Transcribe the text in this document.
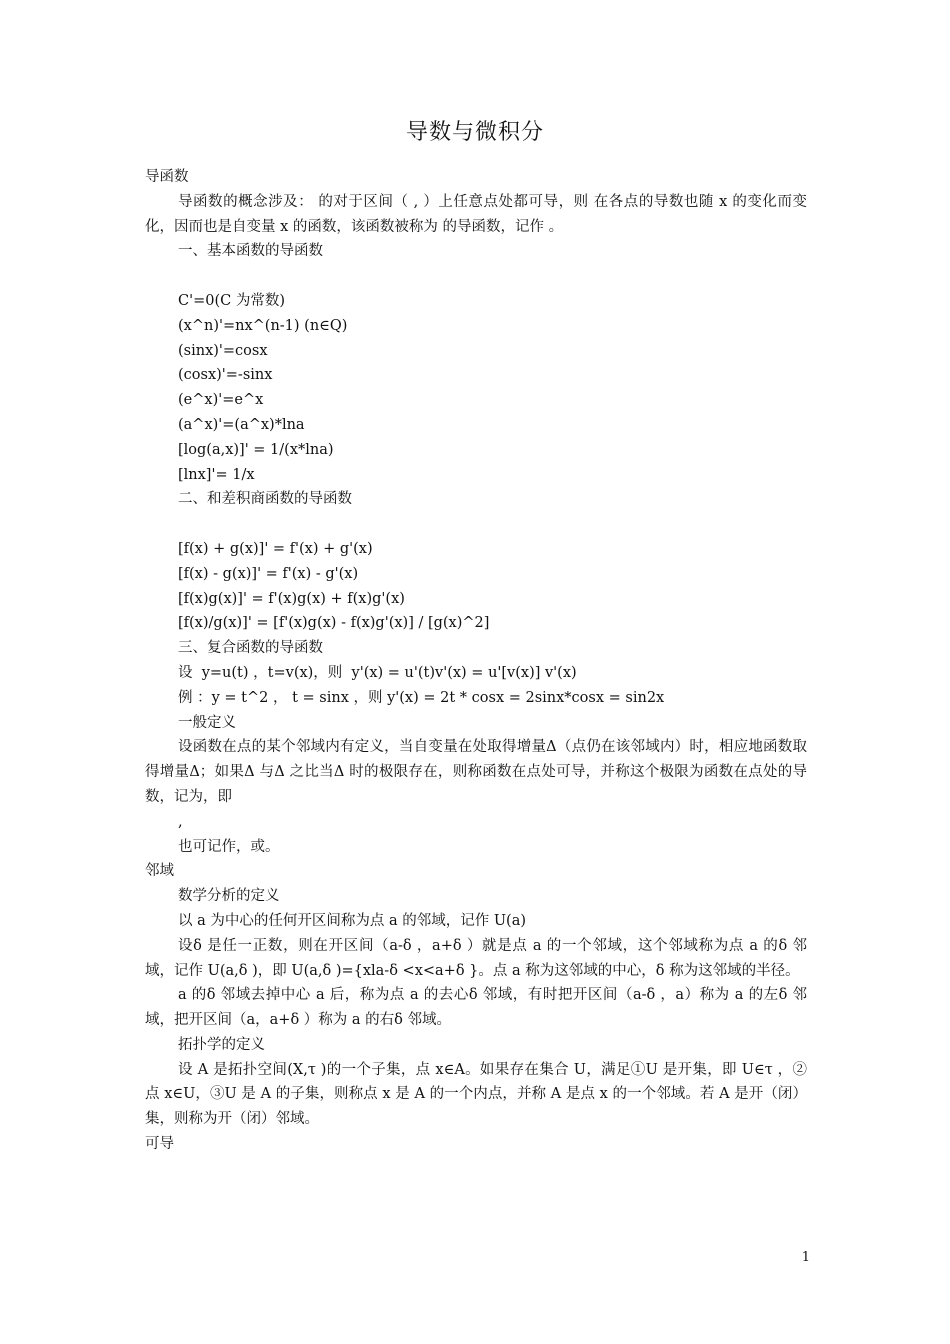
导数与微积分

导函数

导函数的概念涉及： 的对于区间（ , ）上任意点处都可导，则 在各点的导数也随 x 的变化而变化，因而也是自变量 x 的函数，该函数被称为 的导函数，记作 。

一、基本函数的导函数

C'=0(C 为常数)

(x^n)'=nx^(n-1) (n∈Q)

(sinx)'=cosx

(cosx)'=-sinx

(e^x)'=e^x

(a^x)'=(a^x)*lna

[log(a,x)]' = 1/(x*lna)

[lnx]'= 1/x

二、和差积商函数的导函数

[f(x) + g(x)]' = f'(x) + g'(x)

[f(x) - g(x)]' = f'(x) - g'(x)

[f(x)g(x)]' = f'(x)g(x) + f(x)g'(x)

[f(x)/g(x)]' = [f'(x)g(x) - f(x)g'(x)] / [g(x)^2]

三、复合函数的导函数

设  y=u(t) ，t=v(x)，则  y'(x) = u'(t)v'(x) = u'[v(x)] v'(x)

例 ：y = t^2 ， t = sinx ，则 y'(x) = 2t * cosx = 2sinx*cosx = sin2x

一般定义

设函数在点的某个邻域内有定义，当自变量在处取得增量Δ（点仍在该邻域内）时，相应地函数取得增量Δ；如果Δ 与Δ 之比当Δ 时的极限存在，则称函数在点处可导，并称这个极限为函数在点处的导数，记为，即

,

也可记作，或。

邻域

数学分析的定义

以 a 为中心的任何开区间称为点 a 的邻域，记作 U(a)

设δ 是任一正数，则在开区间（a-δ ，a+δ ）就是点 a 的一个邻域，这个邻域称为点 a 的δ 邻域，记作 U(a,δ )，即 U(a,δ )={xla-δ <x<a+δ }。点 a 称为这邻域的中心，δ 称为这邻域的半径。

a 的δ 邻域去掉中心 a 后，称为点 a 的去心δ 邻域，有时把开区间（a-δ ，a）称为 a 的左δ 邻域，把开区间（a，a+δ ）称为 a 的右δ 邻域。

拓扑学的定义

设 A 是拓扑空间(X,τ )的一个子集，点 x∈A。如果存在集合 U，满足①U 是开集，即 U∈τ ，②点 x∈U，③U 是 A 的子集，则称点 x 是 A 的一个内点，并称 A 是点 x 的一个邻域。若 A 是开（闭）集，则称为开（闭）邻域。

可导

1
